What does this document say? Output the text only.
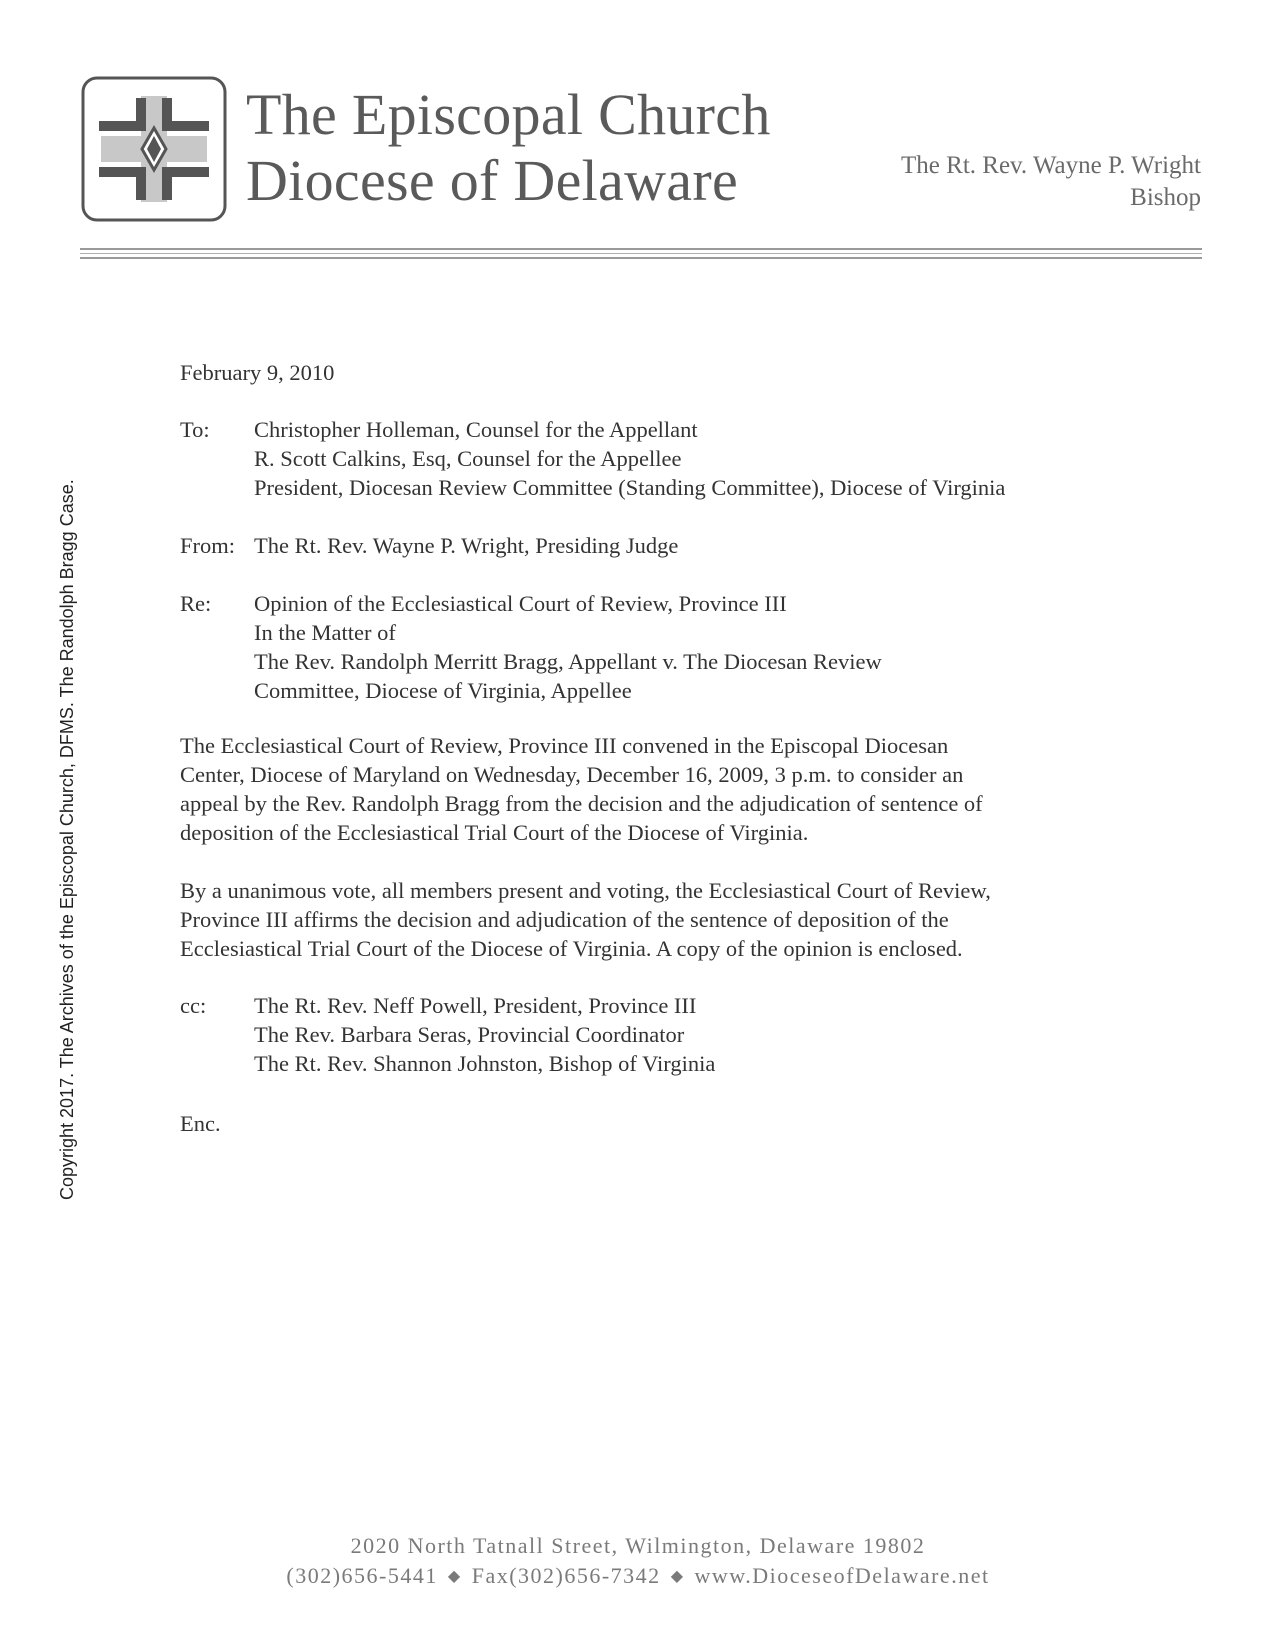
The Episcopal Church
Diocese of Delaware	The Rt. Rev. Wayne P. Wright
Bishop
Copyright 2017. The Archives of the Episcopal Church, DFMS. The Randolph Bragg Case.
February 9, 2010
To: Christopher Holleman, Counsel for the Appellant
R. Scott Calkins, Esq, Counsel for the Appellee
President, Diocesan Review Committee (Standing Committee), Diocese of Virginia
From: The Rt. Rev. Wayne P. Wright, Presiding Judge
Re: Opinion of the Ecclesiastical Court of Review, Province III
In the Matter of
The Rev. Randolph Merritt Bragg, Appellant v. The Diocesan Review
Committee, Diocese of Virginia, Appellee
The Ecclesiastical Court of Review, Province III convened in the Episcopal Diocesan
Center, Diocese of Maryland on Wednesday, December 16, 2009, 3 p.m. to consider an
appeal by the Rev. Randolph Bragg from the decision and the adjudication of sentence of
deposition of the Ecclesiastical Trial Court of the Diocese of Virginia.
By a unanimous vote, all members present and voting, the Ecclesiastical Court of Review,
Province III affirms the decision and adjudication of the sentence of deposition of the
Ecclesiastical Trial Court of the Diocese of Virginia. A copy of the opinion is enclosed.
cc: The Rt. Rev. Neff Powell, President, Province III
The Rev. Barbara Seras, Provincial Coordinator
The Rt. Rev. Shannon Johnston, Bishop of Virginia
Enc.
2020 North Tatnall Street, Wilmington, Delaware 19802
(302)656-5441 ◆ Fax(302)656-7342 ◆ www.DioceseofDelaware.net
